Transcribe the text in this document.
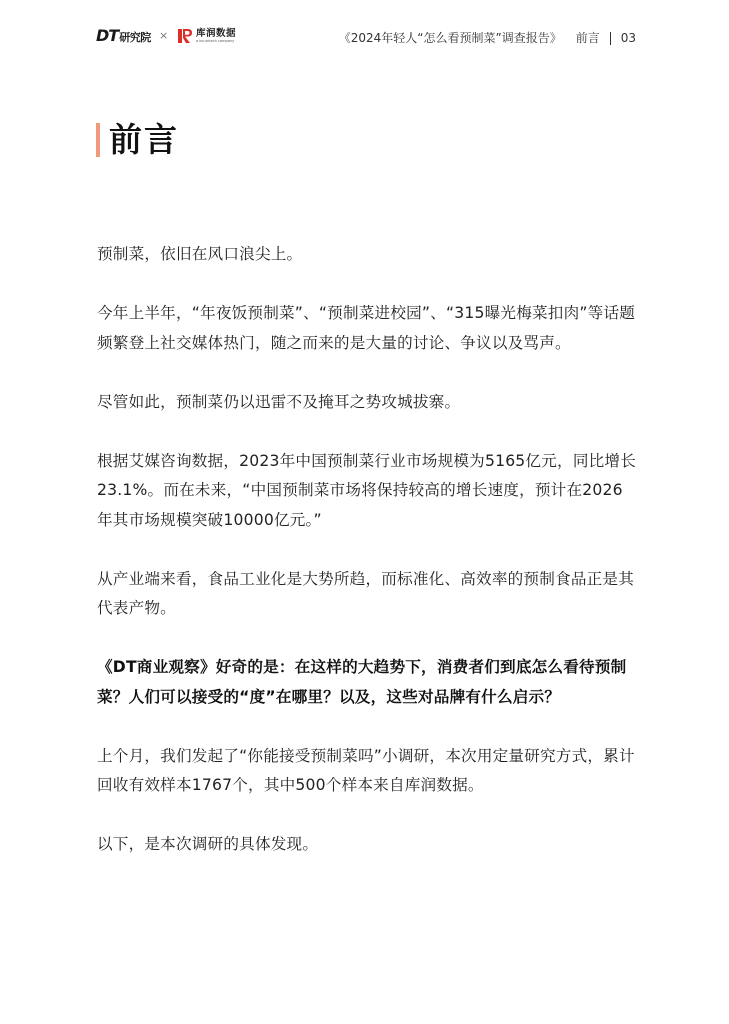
DT研究院 ×	库润数据
a kuruntech company	《2024年轻人“怎么看预制菜”调查报告》 前言 03
前言

预制菜，依旧在风口浪尖上。

今年上半年，“年夜饭预制菜”、“预制菜进校园”、“315曝光梅菜扣肉”等话题频繁登上社交媒体热门，随之而来的是大量的讨论、争议以及骂声。

尽管如此，预制菜仍以迅雷不及掩耳之势攻城拔寨。

根据艾媒咨询数据，2023年中国预制菜行业市场规模为5165亿元，同比增长23.1%。而在未来，“中国预制菜市场将保持较高的增长速度，预计在2026年其市场规模突破10000亿元。”

从产业端来看，食品工业化是大势所趋，而标准化、高效率的预制食品正是其代表产物。

《DT商业观察》好奇的是：在这样的大趋势下，消费者们到底怎么看待预制菜？人们可以接受的“度”在哪里？以及，这些对品牌有什么启示？

上个月，我们发起了“你能接受预制菜吗”小调研，本次用定量研究方式，累计回收有效样本1767个，其中500个样本来自库润数据。

以下，是本次调研的具体发现。
